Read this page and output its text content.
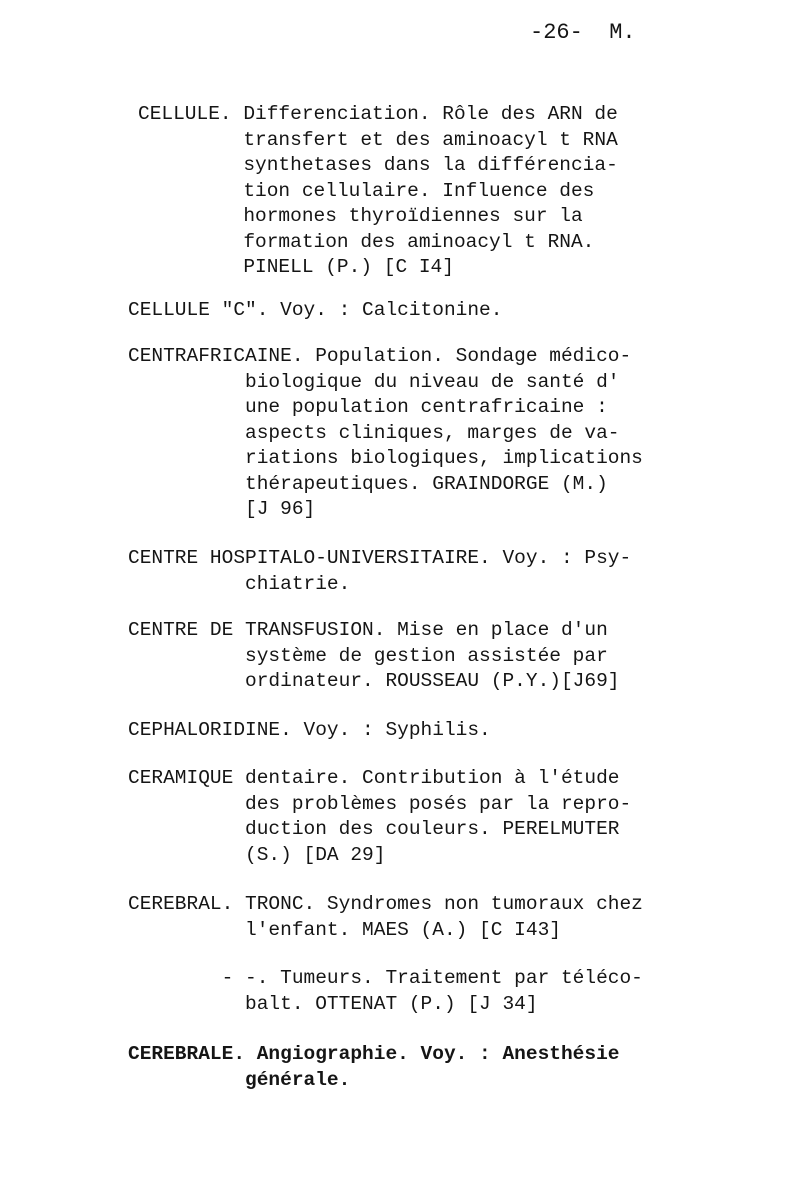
-26-  M.

CELLULE. Differenciation. Rôle des ARN de
transfert et des aminoacyl t RNA
synthetases dans la différencia-
tion cellulaire. Influence des
hormones thyroïdiennes sur la
formation des aminoacyl t RNA.
PINELL (P.) [C I4]

CELLULE "C". Voy. : Calcitonine.

CENTRAFRICAINE. Population. Sondage médico-
biologique du niveau de santé d'
une population centrafricaine :
aspects cliniques, marges de va-
riations biologiques, implications
thérapeutiques. GRAINDORGE (M.)
[J 96]

CENTRE HOSPITALO-UNIVERSITAIRE. Voy. : Psy-
chiatrie.

CENTRE DE TRANSFUSION. Mise en place d'un
système de gestion assistée par
ordinateur. ROUSSEAU (P.Y.)[J69]

CEPHALORIDINE. Voy. : Syphilis.

CERAMIQUE dentaire. Contribution à l'étude
des problèmes posés par la repro-
duction des couleurs. PERELMUTER
(S.) [DA 29]

CEREBRAL. TRONC. Syndromes non tumoraux chez
l'enfant. MAES (A.) [C I43]

- -. Tumeurs. Traitement par téléco-
balt. OTTENAT (P.) [J 34]

CEREBRALE. Angiographie. Voy. : Anesthésie
générale.
